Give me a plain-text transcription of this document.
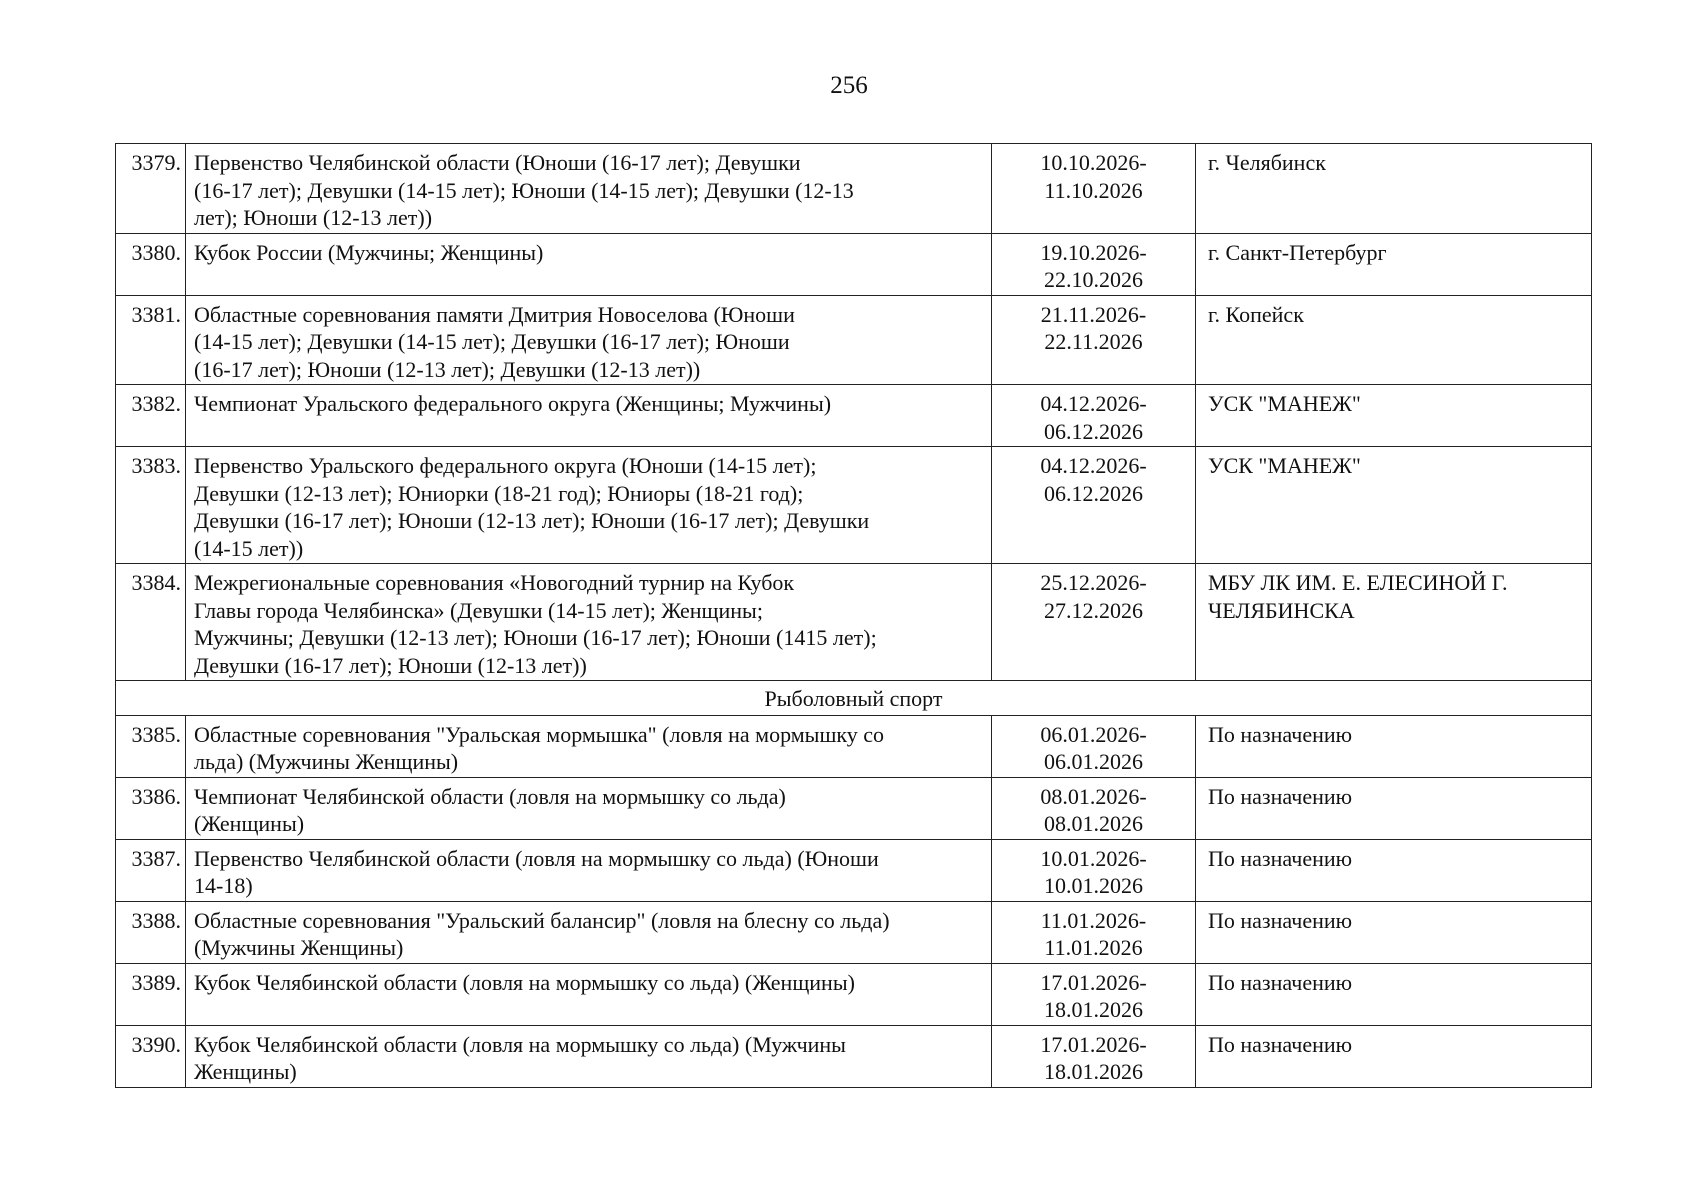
256
3379.	Первенство Челябинской области (Юноши (16-17 лет); Девушки
(16-17 лет); Девушки (14-15 лет); Юноши (14-15 лет); Девушки (12-13
лет); Юноши (12-13 лет))	10.10.2026-
11.10.2026	г. Челябинск
3380.	Кубок России (Мужчины; Женщины)	19.10.2026-
22.10.2026	г. Санкт-Петербург
3381.	Областные соревнования памяти Дмитрия Новоселова (Юноши
(14-15 лет); Девушки (14-15 лет); Девушки (16-17 лет); Юноши
(16-17 лет); Юноши (12-13 лет); Девушки (12-13 лет))	21.11.2026-
22.11.2026	г. Копейск
3382.	Чемпионат Уральского федерального округа (Женщины; Мужчины)	04.12.2026-
06.12.2026	УСК "МАНЕЖ"
3383.	Первенство Уральского федерального округа (Юноши (14-15 лет);
Девушки (12-13 лет); Юниорки (18-21 год); Юниоры (18-21 год);
Девушки (16-17 лет); Юноши (12-13 лет); Юноши (16-17 лет); Девушки
(14-15 лет))	04.12.2026-
06.12.2026	УСК "МАНЕЖ"
3384.	Межрегиональные соревнования «Новогодний турнир на Кубок
Главы города Челябинска» (Девушки (14-15 лет); Женщины;
Мужчины; Девушки (12-13 лет); Юноши (16-17 лет); Юноши (1415 лет);
Девушки (16-17 лет); Юноши (12-13 лет))	25.12.2026-
27.12.2026	МБУ ЛК ИМ. Е. ЕЛЕСИНОЙ Г.
ЧЕЛЯБИНСКА
Рыболовный спорт			
3385.	Областные соревнования "Уральская мормышка" (ловля на мормышку со
льда) (Мужчины Женщины)	06.01.2026-
06.01.2026	По назначению
3386.	Чемпионат Челябинской области (ловля на мормышку со льда)
(Женщины)	08.01.2026-
08.01.2026	По назначению
3387.	Первенство Челябинской области (ловля на мормышку со льда) (Юноши
14-18)	10.01.2026-
10.01.2026	По назначению
3388.	Областные соревнования "Уральский балансир" (ловля на блесну со льда)
(Мужчины Женщины)	11.01.2026-
11.01.2026	По назначению
3389.	Кубок Челябинской области (ловля на мормышку со льда) (Женщины)	17.01.2026-
18.01.2026	По назначению
3390.	Кубок Челябинской области (ловля на мормышку со льда) (Мужчины
Женщины)	17.01.2026-
18.01.2026	По назначению
